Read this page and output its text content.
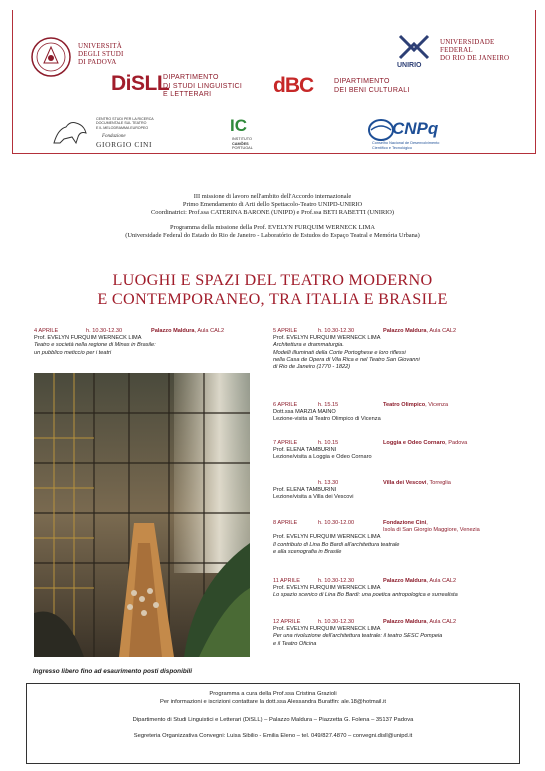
UNIVERSITÀ
DEGLI STUDI
DI PADOVA	UNIRIO
UNIVERSIDADE
FEDERAL
DO RIO DE JANEIRO
DiSLL
DIPARTIMENTO
DI STUDI LINGUISTICI
E LETTERARI	dBC	DIPARTIMENTO
DEI BENI CULTURALI
CENTRO STUDI PER LA RICERCA
DOCUMENTALE SUL TEATRO
E IL MELODRAMMA EUROPEO
Fondazione
GIORGIO CINI
IC
INSTITUTO
CAMÕES
PORTUGAL
CNPq
Conselho Nacional de Desenvolvimento
Científico e Tecnológico
III missione di lavoro nell'ambito dell'Accordo internazionale
Primo Emendamento di Arti dello Spettacolo-Teatro UNIPD-UNIRIO
Coordinatrici: Prof.ssa CATERINA BARONE (UNIPD) e Prof.ssa BETI RABETTI (UNIRIO)
Programma della missione della Prof. EVELYN FURQUIM WERNECK LIMA
(Universidade Federal do Estado do Rio de Janeiro - Laboratório de Estudos do Espaço Teatral e Memória Urbana)
LUOGHI E SPAZI DEL TEATRO MODERNO
E CONTEMPORANEO, TRA ITALIA E BRASILE
4 APRILE	h. 10.30-12.30	Palazzo Maldura, Aula CAL2
Prof. EVELYN FURQUIM WERNECK LIMA
Teatro e società nella regione di Minas in Brasile:
un pubblico meticcio per i teatri
5 APRILE	h. 10.30-12.30	Palazzo Maldura, Aula CAL2
Prof. EVELYN FURQUIM WERNECK LIMA
Architettura e drammaturgia.
Modelli illuminati della Corte Portoghese e loro riflessi
nella Casa de Opera di Vila Rica e nel Teatro San Giovanni
di Rio de Janeiro (1770 - 1822)
6 APRILE	h. 15.15	Teatro Olimpico, Vicenza
Dott.ssa MARZIA MAINO
Lezione-visita al Teatro Olimpico di Vicenza
7 APRILE	h. 10.15	Loggia e Odeo Cornaro, Padova
Prof. ELENA TAMBURINI
Lezione/visita a Loggia e Odeo Cornaro
h. 13.30	Villa dei Vescovi, Torreglia
Prof. ELENA TAMBURINI
Lezione/visita a Villa dei Vescovi
8 APRILE	h. 10.30-12.00	Fondazione Cini,
Isola di San Giorgio Maggiore, Venezia
Prof. EVELYN FURQUIM WERNECK LIMA
Il contributo di Lina Bo Bardi all'architettura teatrale
e alla scenografia in Brasile
11 APRILE	h. 10.30-12.30	Palazzo Maldura, Aula CAL2
Prof. EVELYN FURQUIM WERNECK LIMA
Lo spazio scenico di Lina Bo Bardi: una poetica antropologica e surrealista
12 APRILE	h. 10.30-12.30	Palazzo Maldura, Aula CAL2
Prof. EVELYN FURQUIM WERNECK LIMA
Per una rivoluzione dell'architettura teatrale: il teatro SESC Pompeia
e il Teatro Oficina
Ingresso libero fino ad esaurimento posti disponibili
Programma a cura della Prof.ssa Cristina Grazioli
Per informazioni e iscrizioni contattare la dott.ssa Alessandra Buratfin: ale.18@hotmail.it
Dipartimento di Studi Linguistici e Letterari (DiSLL) – Palazzo Maldura – Piazzetta G. Folena – 35137 Padova
Segreteria Organizzativa Convegni: Luisa Sibilio - Emilia Eleno – tel. 049/827.4870 – convegni.disll@unipd.it
